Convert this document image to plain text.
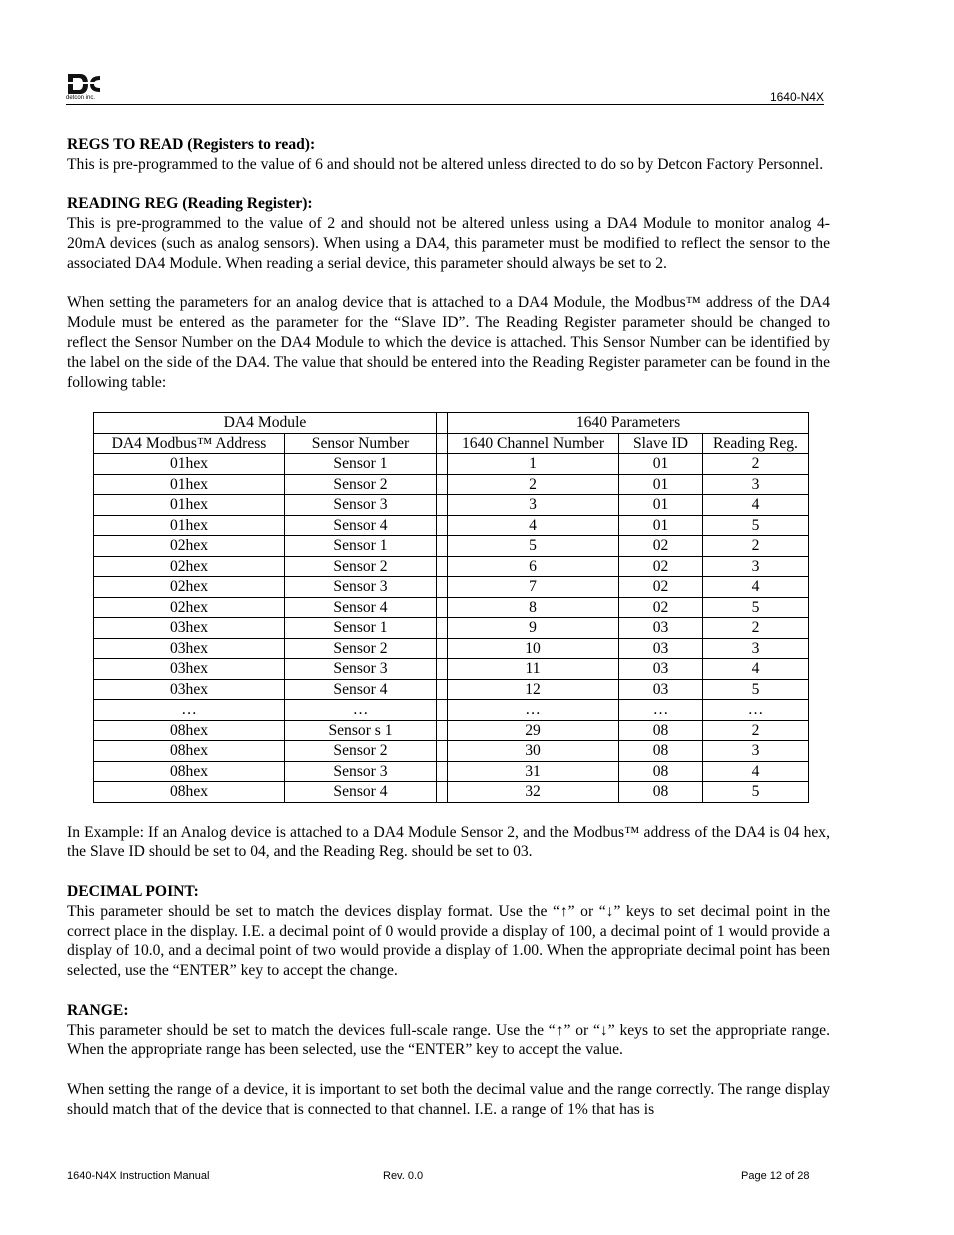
detcon inc.	1640-N4X

REGS TO READ (Registers to read):

This is pre-programmed to the value of 6 and should not be altered unless directed to do so by Detcon Factory Personnel.

READING REG (Reading Register):

This is pre-programmed to the value of 2 and should not be altered unless using a DA4 Module to monitor analog 4-20mA devices (such as analog sensors). When using a DA4, this parameter must be modified to reflect the sensor to the associated DA4 Module. When reading a serial device, this parameter should always be set to 2.

When setting the parameters for an analog device that is attached to a DA4 Module, the Modbus™ address of the DA4 Module must be entered as the parameter for the “Slave ID”. The Reading Register parameter should be changed to reflect the Sensor Number on the DA4 Module to which the device is attached. This Sensor Number can be identified by the label on the side of the DA4. The value that should be entered into the Reading Register parameter can be found in the following table:

DA4 Module			1640 Parameters		
DA4 Modbus™ Address	Sensor Number		1640 Channel Number	Slave ID	Reading Reg.
01hex	Sensor 1		1	01	2
01hex	Sensor 2		2	01	3
01hex	Sensor 3		3	01	4
01hex	Sensor 4		4	01	5
02hex	Sensor 1		5	02	2
02hex	Sensor 2		6	02	3
02hex	Sensor 3		7	02	4
02hex	Sensor 4		8	02	5
03hex	Sensor 1		9	03	2
03hex	Sensor 2		10	03	3
03hex	Sensor 3		11	03	4
03hex	Sensor 4		12	03	5
…	…		…	…	…
08hex	Sensor s 1		29	08	2
08hex	Sensor 2		30	08	3
08hex	Sensor 3		31	08	4
08hex	Sensor 4		32	08	5

In Example: If an Analog device is attached to a DA4 Module Sensor 2, and the Modbus™ address of the DA4 is 04 hex, the Slave ID should be set to 04, and the Reading Reg. should be set to 03.

DECIMAL POINT:

This parameter should be set to match the devices display format. Use the “↑” or “↓” keys to set decimal point in the correct place in the display. I.E. a decimal point of 0 would provide a display of 100, a decimal point of 1 would provide a display of 10.0, and a decimal point of two would provide a display of 1.00. When the appropriate decimal point has been selected, use the “ENTER” key to accept the change.

RANGE:

This parameter should be set to match the devices full-scale range. Use the “↑” or “↓” keys to set the appropriate range. When the appropriate range has been selected, use the “ENTER” key to accept the value.

When setting the range of a device, it is important to set both the decimal value and the range correctly. The range display should match that of the device that is connected to that channel. I.E. a range of 1% that has is

1640-N4X Instruction Manual	Rev. 0.0	Page 12 of 28
